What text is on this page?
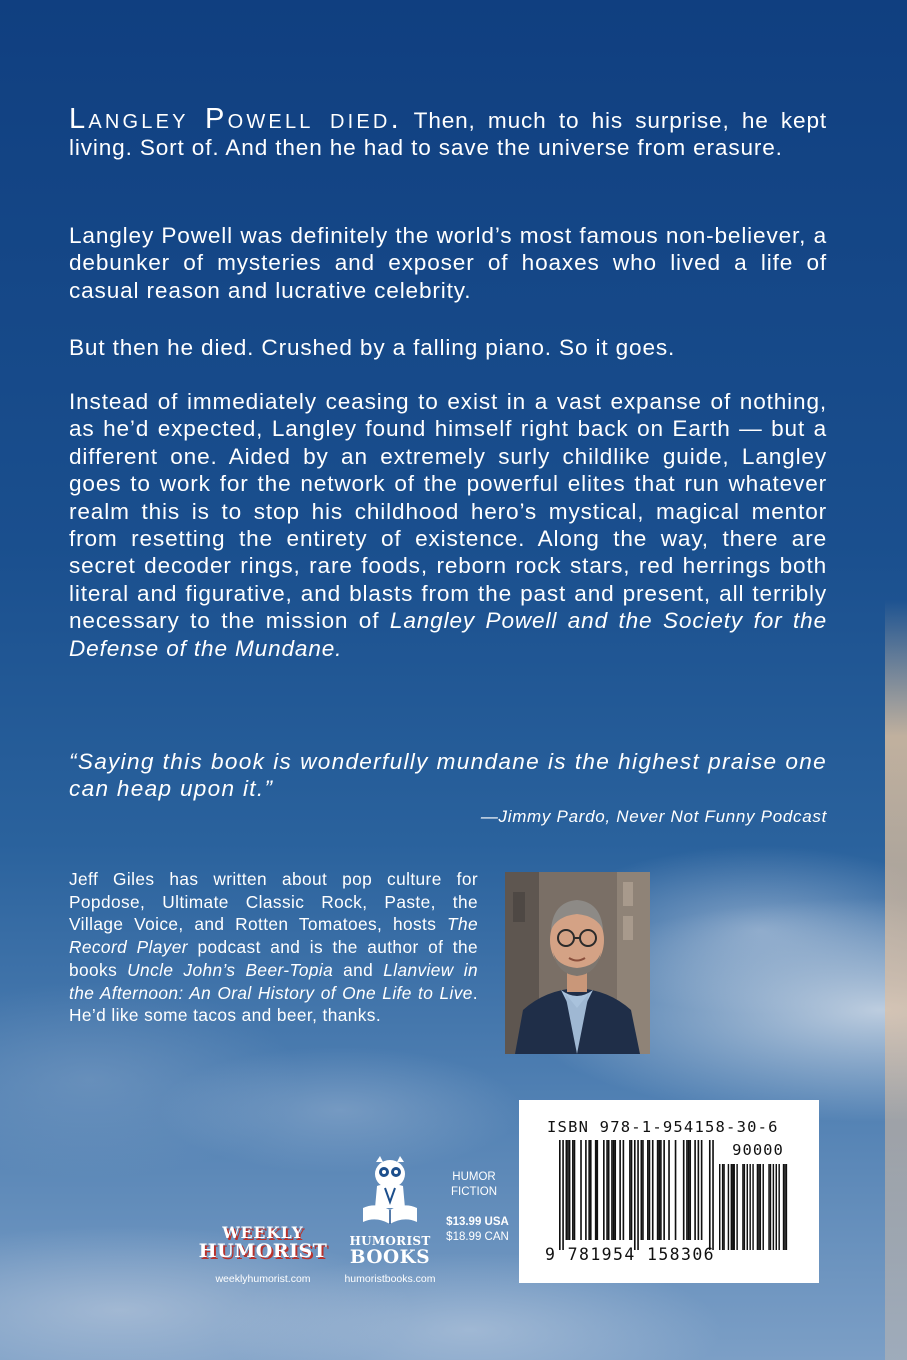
Langley Powell died. Then, much to his surprise, he kept living. Sort of. And then he had to save the universe from erasure.

Langley Powell was definitely the world’s most famous non-believer, a debunker of mysteries and exposer of hoaxes who lived a life of casual reason and lucrative celebrity.

But then he died. Crushed by a falling piano. So it goes.

Instead of immediately ceasing to exist in a vast expanse of nothing, as he’d expected, Langley found himself right back on Earth — but a different one. Aided by an extremely surly childlike guide, Langley goes to work for the network of the powerful elites that run whatever realm this is to stop his childhood hero’s mystical, magical mentor from resetting the entirety of existence. Along the way, there are secret decoder rings, rare foods, reborn rock stars, red herrings both literal and figurative, and blasts from the past and present, all terribly necessary to the mission of Langley Powell and the Society for the Defense of the Mundane.

“Saying this book is wonderfully mundane is the highest praise one can heap upon it.”

—Jimmy Pardo, Never Not Funny Podcast

Jeff Giles has written about pop culture for Popdose, Ultimate Classic Rock, Paste, the Village Voice, and Rotten Tomatoes, hosts The Record Player podcast and is the author of the books Uncle John’s Beer-Topia and Llanview in the Afternoon: An Oral History of One Life to Live. He’d like some tacos and beer, thanks.

WEEKLY
HUMORIST
weeklyhumorist.com
HUMORIST
BOOKS
humoristbooks.com
HUMOR
FICTION
$13.99 USA
$18.99 CAN
ISBN 978-1-954158-30-6
90000
9 781954 158306
